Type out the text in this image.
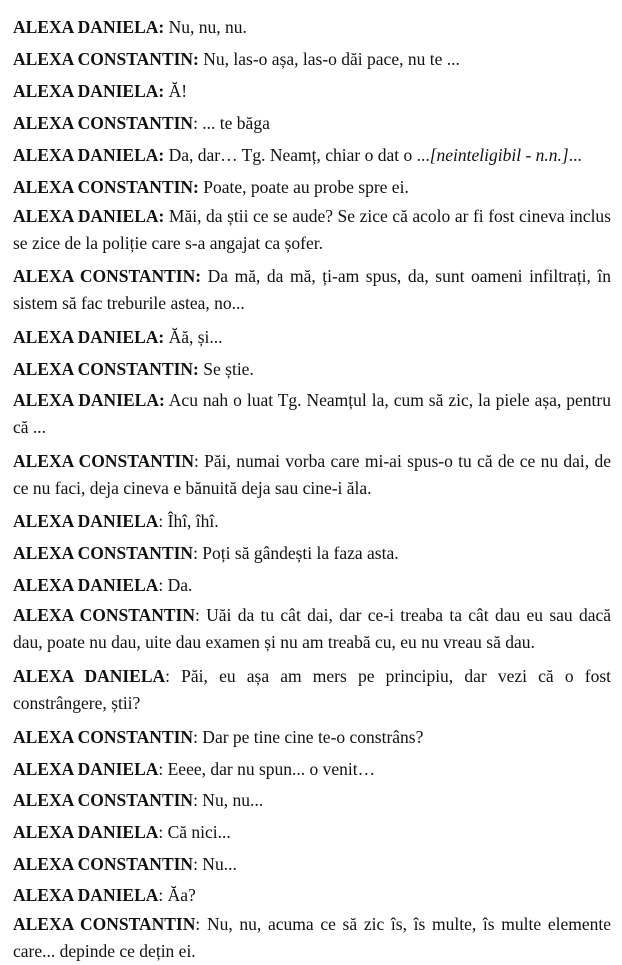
ALEXA DANIELA: Nu, nu, nu.

ALEXA CONSTANTIN: Nu, las-o așa, las-o dăi pace, nu te ...

ALEXA DANIELA: Ă!

ALEXA CONSTANTIN: ... te băga

ALEXA DANIELA: Da, dar… Tg. Neamț, chiar o dat o ...[neinteligibil - n.n.]...

ALEXA CONSTANTIN: Poate, poate au probe spre ei.

ALEXA DANIELA: Măi, da știi ce se aude? Se zice că acolo ar fi fost cineva inclus se zice de la poliție care s-a angajat ca șofer.

ALEXA CONSTANTIN: Da mă, da mă, ți-am spus, da, sunt oameni infiltrați, în sistem să fac treburile astea, no...

ALEXA DANIELA: Ăă, și...

ALEXA CONSTANTIN: Se știe.

ALEXA DANIELA: Acu nah o luat Tg. Neamțul la, cum să zic, la piele așa, pentru că ...

ALEXA CONSTANTIN: Păi, numai vorba care mi-ai spus-o tu că de ce nu dai, de ce nu faci, deja cineva e bănuită deja sau cine-i ăla.

ALEXA DANIELA: Îhî, îhî.

ALEXA CONSTANTIN: Poți să gândești la faza asta.

ALEXA DANIELA: Da.

ALEXA CONSTANTIN: Uăi da tu cât dai, dar ce-i treaba ta cât dau eu sau dacă dau, poate nu dau, uite dau examen și nu am treabă cu, eu nu vreau să dau.

ALEXA DANIELA: Păi, eu așa am mers pe principiu, dar vezi că o fost constrângere, știi?

ALEXA CONSTANTIN: Dar pe tine cine te-o constrâns?

ALEXA DANIELA: Eeee, dar nu spun... o venit…

ALEXA CONSTANTIN: Nu, nu...

ALEXA DANIELA: Că nici...

ALEXA CONSTANTIN: Nu...

ALEXA DANIELA: Ăa?

ALEXA CONSTANTIN: Nu, nu, acuma ce să zic îs, îs multe, îs multe elemente care... depinde ce dețin ei.
